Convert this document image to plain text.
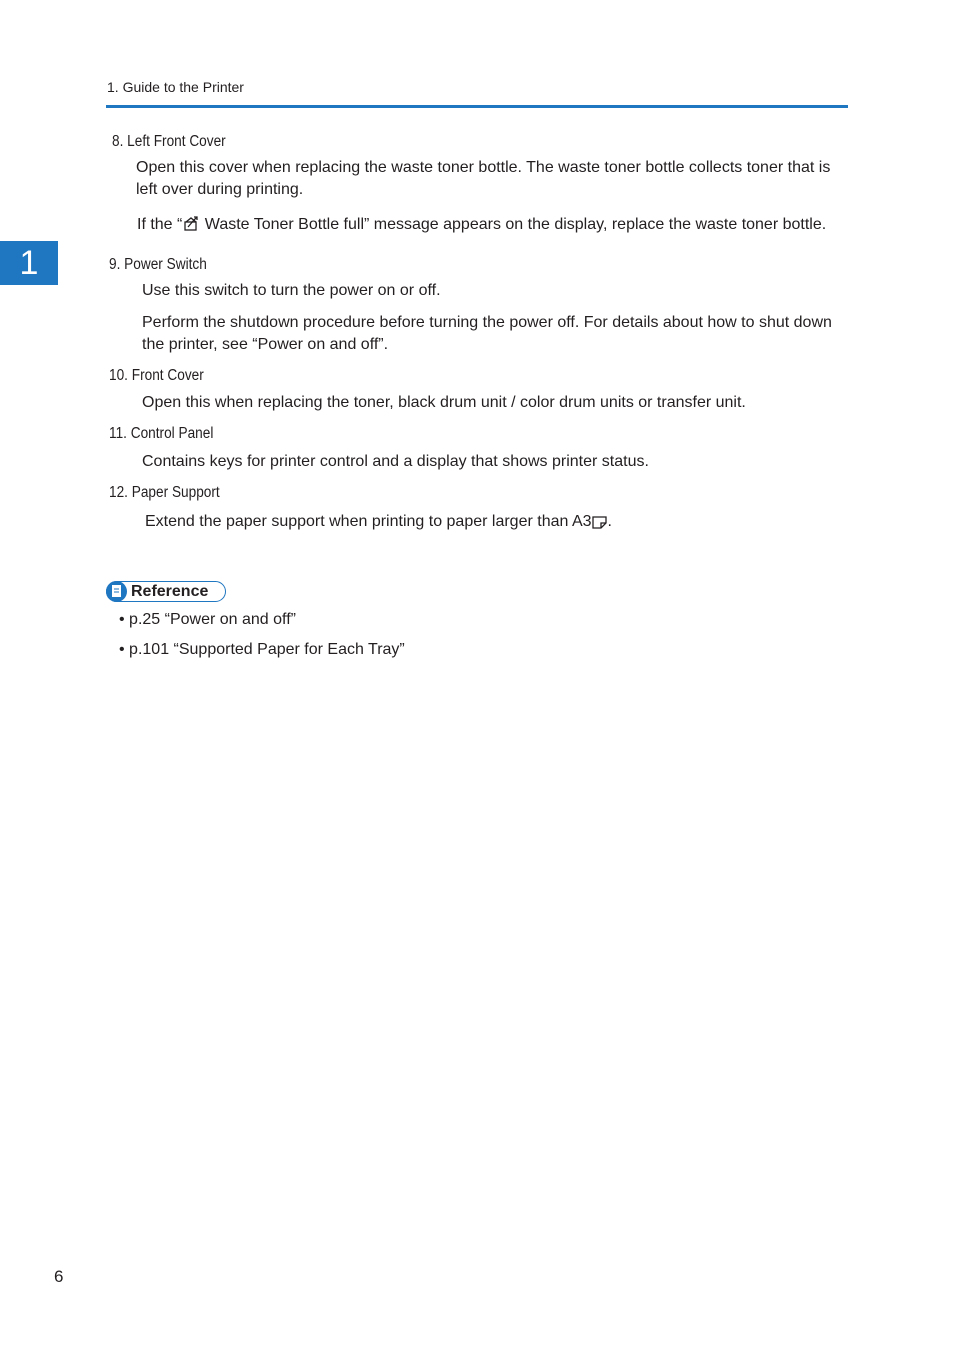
1. Guide to the Printer
1
8. Left Front Cover

Open this cover when replacing the waste toner bottle. The waste toner bottle collects toner that is left over during printing.

If the “ Waste Toner Bottle full” message appears on the display, replace the waste toner bottle.

9. Power Switch

Use this switch to turn the power on or off.

Perform the shutdown procedure before turning the power off. For details about how to shut down the printer, see “Power on and off”.

10. Front Cover

Open this when replacing the toner, black drum unit / color drum units or transfer unit.

11. Control Panel

Contains keys for printer control and a display that shows printer status.

12. Paper Support

Extend the paper support when printing to paper larger than A3 .

Reference
• p.25 “Power on and off”
• p.101 “Supported Paper for Each Tray”
6
